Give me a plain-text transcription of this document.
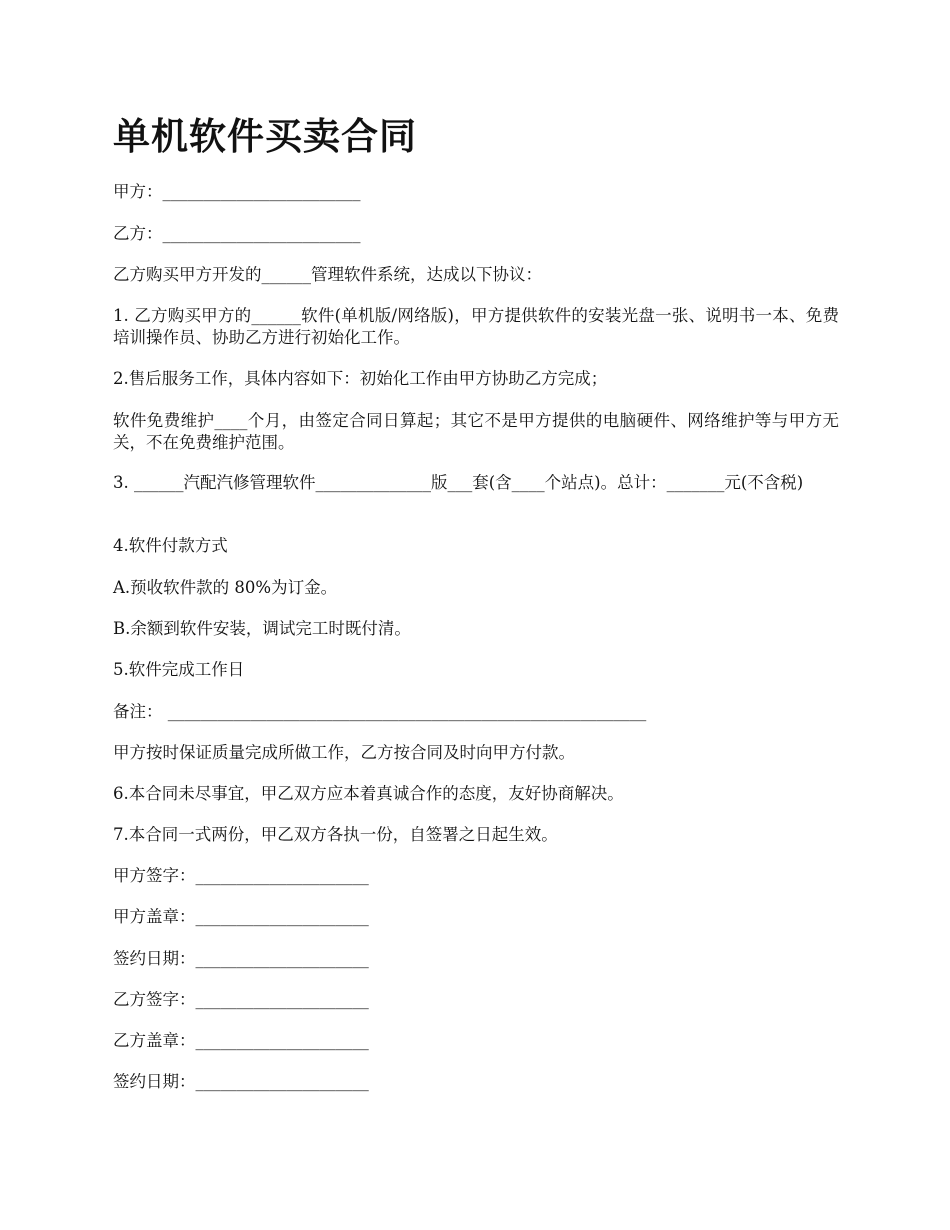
单机软件买卖合同

甲方：________________________

乙方：________________________

乙方购买甲方开发的______管理软件系统，达成以下协议：

1. 乙方购买甲方的______软件(单机版/网络版)，甲方提供软件的安装光盘一张、说明书一本、免费培训操作员、协助乙方进行初始化工作。

2.售后服务工作，具体内容如下：初始化工作由甲方协助乙方完成；

软件免费维护____个月，由签定合同日算起；其它不是甲方提供的电脑硬件、网络维护等与甲方无关，不在免费维护范围。

3. ______汽配汽修管理软件______________版___套(含____个站点)。总计：_______元(不含税)

4.软件付款方式

A.预收软件款的 80%为订金。

B.余额到软件安装，调试完工时既付清。

5.软件完成工作日

备注： __________________________________________________________

甲方按时保证质量完成所做工作，乙方按合同及时向甲方付款。

6.本合同未尽事宜，甲乙双方应本着真诚合作的态度，友好协商解决。

7.本合同一式两份，甲乙双方各执一份，自签署之日起生效。

甲方签字：_____________________

甲方盖章：_____________________

签约日期：_____________________

乙方签字：_____________________

乙方盖章：_____________________

签约日期：_____________________
